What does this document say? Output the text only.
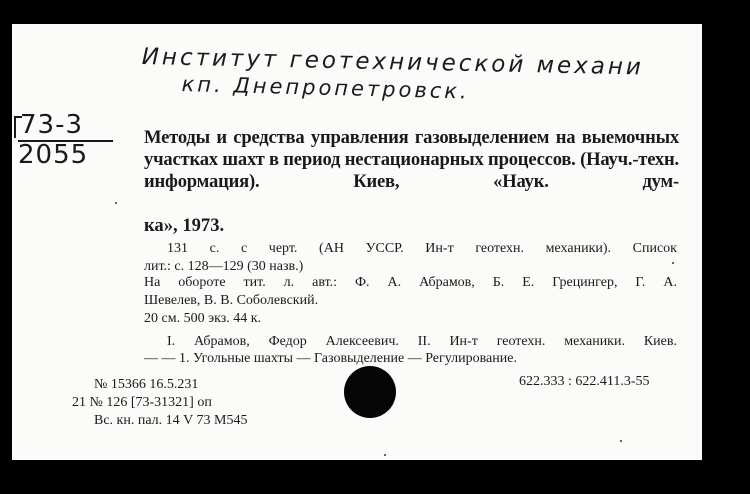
Институт геотехнической механи
кп. Днепропетровск.
73-3
2055
Методы и средства управления газовыделением на выемочных участках шахт в период нестационарных процессов. (Науч.-техн. информация). Киев, «Наук. дум-
ка», 1973.
131 с. с черт. (АН УССР. Ин-т геотехн. механики). Список
лит.: с. 128—129 (30 назв.)
На обороте тит. л. авт.: Ф. А. Абрамов, Б. Е. Грецингер, Г. А.
Шевелев, В. В. Соболевский.
20 см. 500 экз. 44 к.
I. Абрамов, Федор Алексеевич. II. Ин-т геотехн. механики. Киев.
— — 1. Угольные шахты — Газовыделение — Регулирование.
622.333 : 622.411.3-55
№ 15366 16.5.231
21 № 126 [73-31321] оп
Вс. кн. пал. 14 V 73 М545
